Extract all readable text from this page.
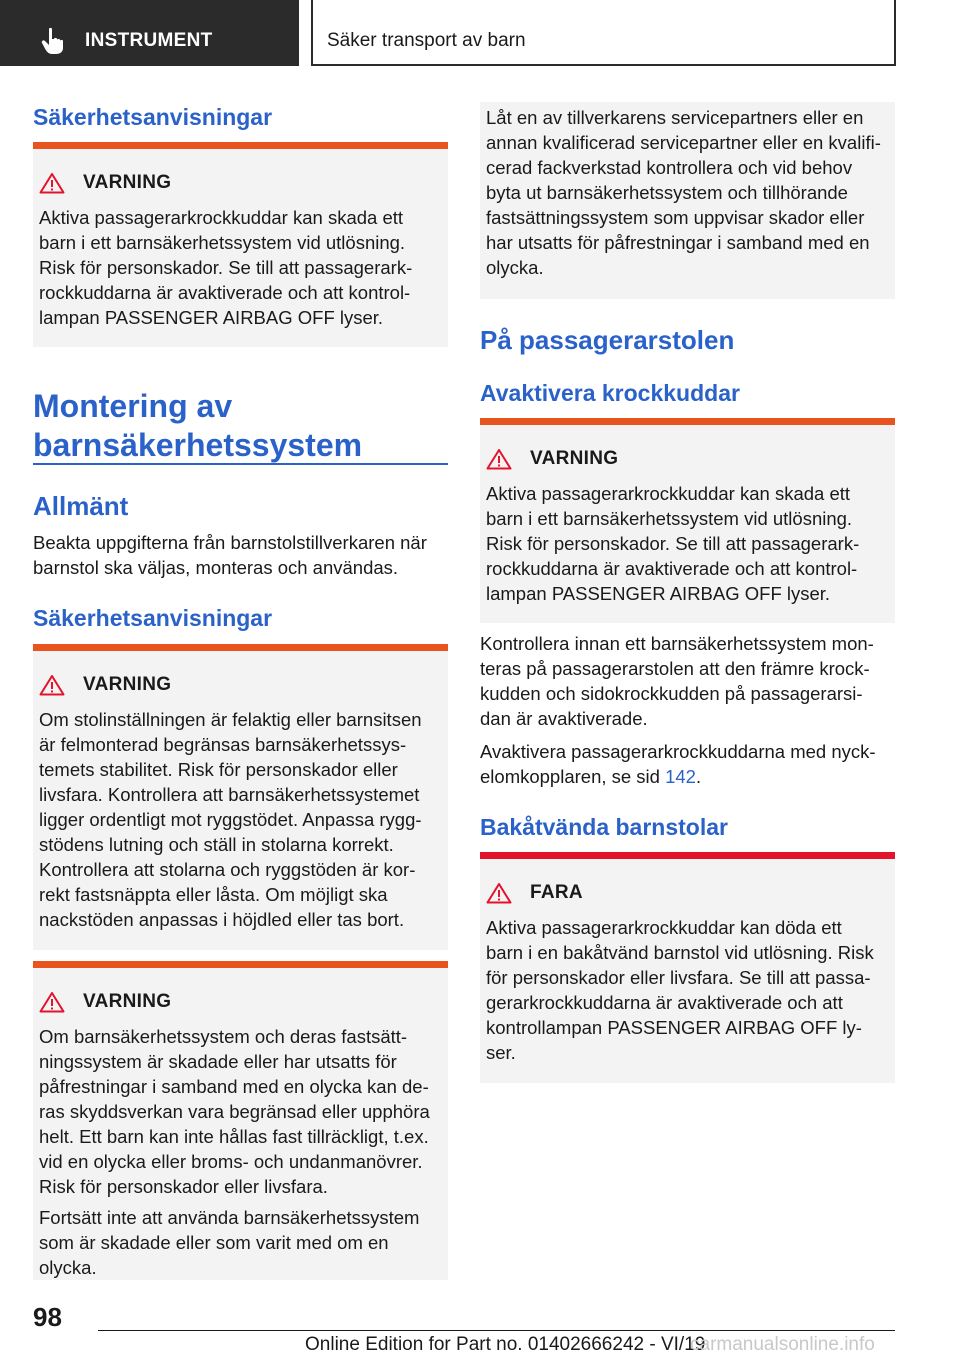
INSTRUMENT	Säker transport av barn
Säkerhetsanvisningar
VARNING
Aktiva passagerarkrockkuddar kan skada ett
barn i ett barnsäkerhetssystem vid utlösning.
Risk för personskador. Se till att passagerark-
rockkuddarna är avaktiverade och att kontrol-
lampan PASSENGER AIRBAG OFF lyser.
Montering av
barnsäkerhetssystem
Allmänt
Beakta uppgifterna från barnstolstillverkaren när
barnstol ska väljas, monteras och användas.
Säkerhetsanvisningar
VARNING
Om stolinställningen är felaktig eller barnsitsen
är felmonterad begränsas barnsäkerhetssys-
temets stabilitet. Risk för personskador eller
livsfara. Kontrollera att barnsäkerhetssystemet
ligger ordentligt mot ryggstödet. Anpassa rygg-
stödens lutning och ställ in stolarna korrekt.
Kontrollera att stolarna och ryggstöden är kor-
rekt fastsnäppta eller låsta. Om möjligt ska
nackstöden anpassas i höjdled eller tas bort.
VARNING
Om barnsäkerhetssystem och deras fastsätt-
ningssystem är skadade eller har utsatts för
påfrestningar i samband med en olycka kan de-
ras skyddsverkan vara begränsad eller upphöra
helt. Ett barn kan inte hållas fast tillräckligt, t.ex.
vid en olycka eller broms- och undanmanövrer.
Risk för personskador eller livsfara.
Fortsätt inte att använda barnsäkerhetssystem
som är skadade eller som varit med om en
olycka.
Låt en av tillverkarens servicepartners eller en
annan kvalificerad servicepartner eller en kvalifi-
cerad fackverkstad kontrollera och vid behov
byta ut barnsäkerhetssystem och tillhörande
fastsättningssystem som uppvisar skador eller
har utsatts för påfrestningar i samband med en
olycka.
På passagerarstolen
Avaktivera krockkuddar
VARNING
Aktiva passagerarkrockkuddar kan skada ett
barn i ett barnsäkerhetssystem vid utlösning.
Risk för personskador. Se till att passagerark-
rockkuddarna är avaktiverade och att kontrol-
lampan PASSENGER AIRBAG OFF lyser.
Kontrollera innan ett barnsäkerhetssystem mon-
teras på passagerarstolen att den främre krock-
kudden och sidokrockkudden på passagerarsi-
dan är avaktiverade.
Avaktivera passagerarkrockkuddarna med nyck-
elomkopplaren, se sid 142.
Bakåtvända barnstolar
FARA
Aktiva passagerarkrockkuddar kan döda ett
barn i en bakåtvänd barnstol vid utlösning. Risk
för personskador eller livsfara. Se till att passa-
gerarkrockkuddarna är avaktiverade och att
kontrollampan PASSENGER AIRBAG OFF ly-
ser.
98
Online Edition for Part no. 01402666242 - VI/19
carmanualsonline.info
